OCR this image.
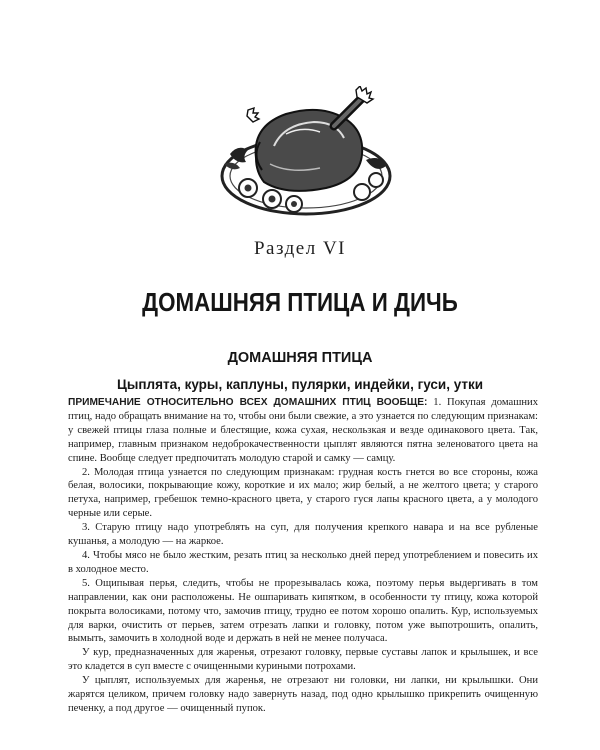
Раздел VI
ДОМАШНЯЯ ПТИЦА И ДИЧЬ
ДОМАШНЯЯ ПТИЦА
Цыплята, куры, каплуны, пулярки, индейки, гуси, утки

ПРИМЕЧАНИЕ ОТНОСИТЕЛЬНО ВСЕХ ДОМАШНИХ ПТИЦ ВООБЩЕ: 1. Покупая домашних птиц, надо обращать внимание на то, чтобы они были свежие, а это узнается по следующим признакам: у свежей птицы глаза полные и блестящие, кожа сухая, нескользкая и везде одинакового цвета. Так, например, главным признаком недоброкачественности цыплят являются пятна зеленоватого цвета на спине. Вообще следует предпочитать молодую старой и самку — самцу.

2. Молодая птица узнается по следующим признакам: грудная кость гнется во все стороны, кожа белая, волосики, покрывающие кожу, короткие и их мало; жир белый, а не желтого цвета; у старого петуха, например, гребешок темно-красного цвета, у старого гуся лапы красного цвета, а у молодого черные или серые.

3. Старую птицу надо употреблять на суп, для получения крепкого навара и на все рубленые кушанья, а молодую — на жаркое.

4. Чтобы мясо не было жестким, резать птиц за несколько дней перед употреблением и повесить их в холодное место.

5. Ощипывая перья, следить, чтобы не прорезывалась кожа, поэтому перья выдергивать в том направлении, как они расположены. Не ошпаривать кипятком, в особенности ту птицу, кожа которой покрыта волосиками, потому что, замочив птицу, трудно ее потом хорошо опалить. Кур, используемых для варки, очистить от перьев, затем отрезать лапки и головку, потом уже выпотрошить, опалить, вымыть, замочить в холодной воде и держать в ней не менее получаса.

У кур, предназначенных для жаренья, отрезают головку, первые суставы лапок и крылышек, и все это кладется в суп вместе с очищенными куриными потрохами.

У цыплят, используемых для жаренья, не отрезают ни головки, ни лапки, ни крылышки. Они жарятся целиком, причем головку надо завернуть назад, под одно крылышко прикрепить очищенную печенку, а под другое — очищенный пупок.
